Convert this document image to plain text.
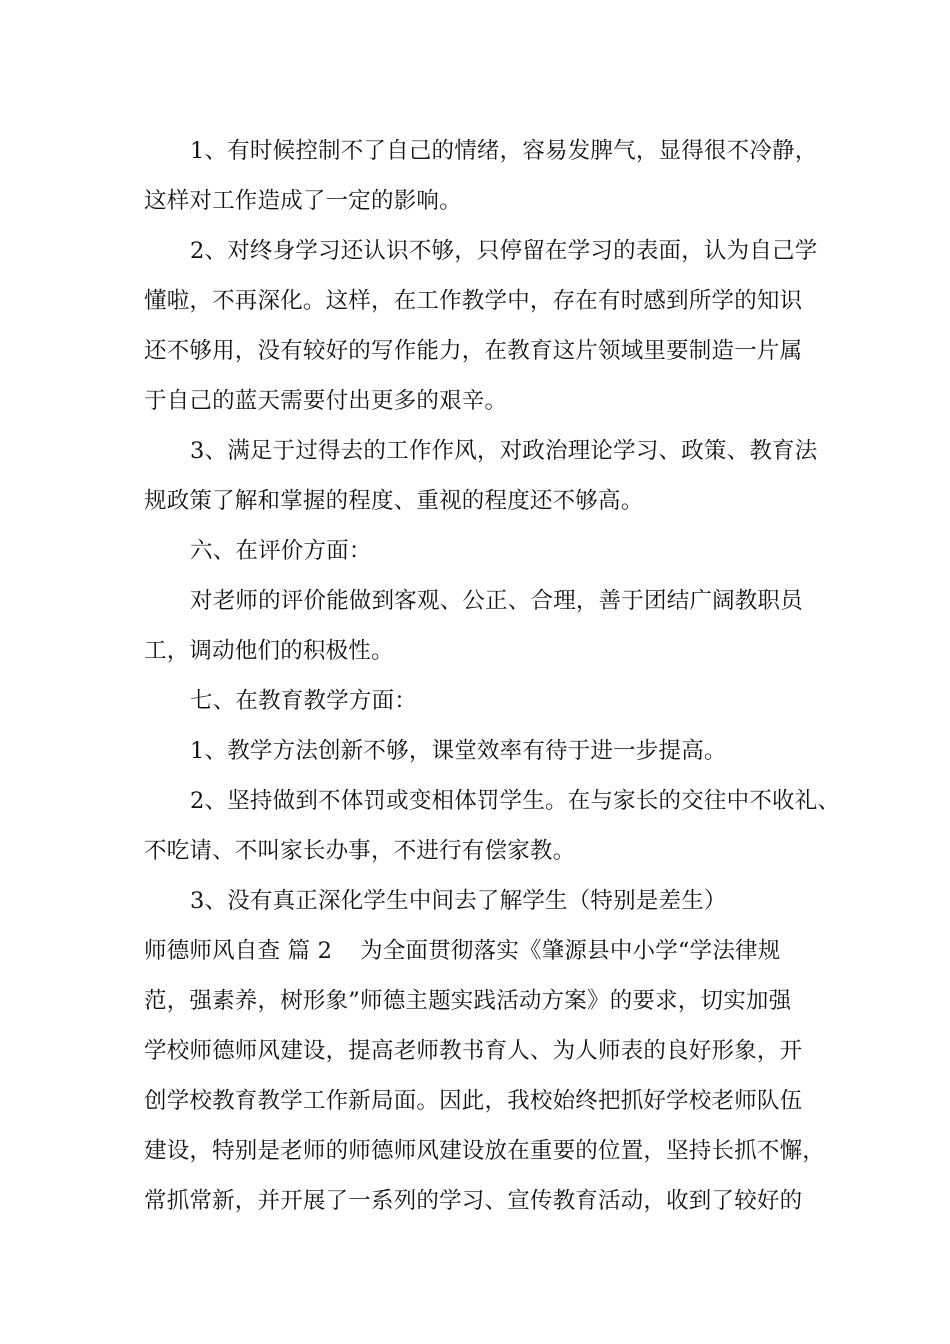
1、有时候控制不了自己的情绪，容易发脾气，显得很不冷静，
这样对工作造成了一定的影响。
2、对终身学习还认识不够，只停留在学习的表面，认为自己学
懂啦，不再深化。这样，在工作教学中，存在有时感到所学的知识
还不够用，没有较好的写作能力，在教育这片领域里要制造一片属
于自己的蓝天需要付出更多的艰辛。
3、满足于过得去的工作作风，对政治理论学习、政策、教育法
规政策了解和掌握的程度、重视的程度还不够高。
六、在评价方面：
对老师的评价能做到客观、公正、合理，善于团结广阔教职员
工，调动他们的积极性。
七、在教育教学方面：
1、教学方法创新不够，课堂效率有待于进一步提高。
2、坚持做到不体罚或变相体罚学生。在与家长的交往中不收礼、
不吃请、不叫家长办事，不进行有偿家教。
3、没有真正深化学生中间去了解学生（特别是差生）
师德师风自查 篇 2 为全面贯彻落实《肇源县中小学“学法律规
范，强素养，树形象”师德主题实践活动方案》的要求，切实加强
学校师德师风建设，提高老师教书育人、为人师表的良好形象，开
创学校教育教学工作新局面。因此，我校始终把抓好学校老师队伍
建设，特别是老师的师德师风建设放在重要的位置，坚持长抓不懈，
常抓常新，并开展了一系列的学习、宣传教育活动，收到了较好的
